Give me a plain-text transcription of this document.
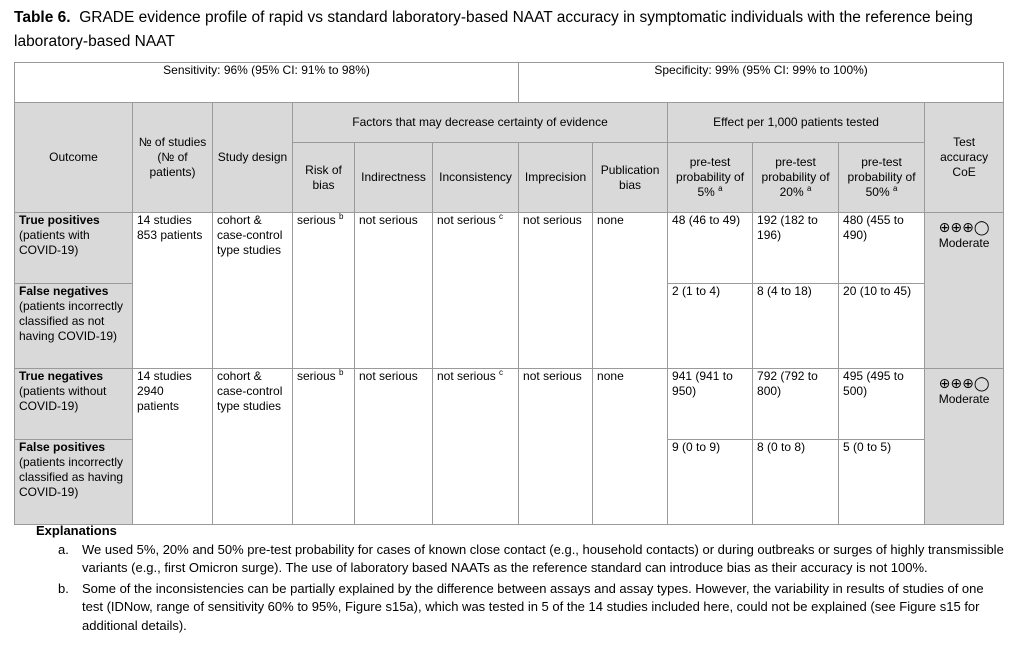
Table 6. GRADE evidence profile of rapid vs standard laboratory-based NAAT accuracy in symptomatic individuals with the reference being laboratory-based NAAT
Sensitivity: 96% (95% CI: 91% to 98%)						Specificity: 99% (95% CI: 99% to 100%)					
Outcome	№ of studies (№ of patients)	Study design	Factors that may decrease certainty of evidence					Effect per 1,000 patients tested			Test accuracy CoE
			Risk of bias	Indirectness	Inconsistency	Imprecision	Publication bias	pre-test probability of 5% $^a$	pre-test probability of 20% $^a$	pre-test probability of 50% $^a$
True positives
(patients with COVID-19)	14 studies 853 patients	cohort & case-control type studies	serious $^b$	not serious	not serious $^c$	not serious	none	48 (46 to 49)	192 (182 to 196)	480 (455 to 490)	⊕⊕⊕◯
Moderate
False negatives
(patients incorrectly classified as not having COVID-19)								2 (1 to 4)	8 (4 to 18)	20 (10 to 45)	
True negatives
(patients without COVID-19)	14 studies 2940 patients	cohort & case-control type studies	serious $^b$	not serious	not serious $^c$	not serious	none	941 (941 to 950)	792 (792 to 800)	495 (495 to 500)	⊕⊕⊕◯
Moderate
False positives
(patients incorrectly classified as having COVID-19)								9 (0 to 9)	8 (0 to 8)	5 (0 to 5)	
Explanations
a. We used 5%, 20% and 50% pre-test probability for cases of known close contact (e.g., household contacts) or during outbreaks or surges of highly transmissible variants (e.g., first Omicron surge). The use of laboratory based NAATs as the reference standard can introduce bias as their accuracy is not 100%.
b. Some of the inconsistencies can be partially explained by the difference between assays and assay types. However, the variability in results of studies of one test (IDNow, range of sensitivity 60% to 95%, Figure s15a), which was tested in 5 of the 14 studies included here, could not be explained (see Figure s15 for additional details).
